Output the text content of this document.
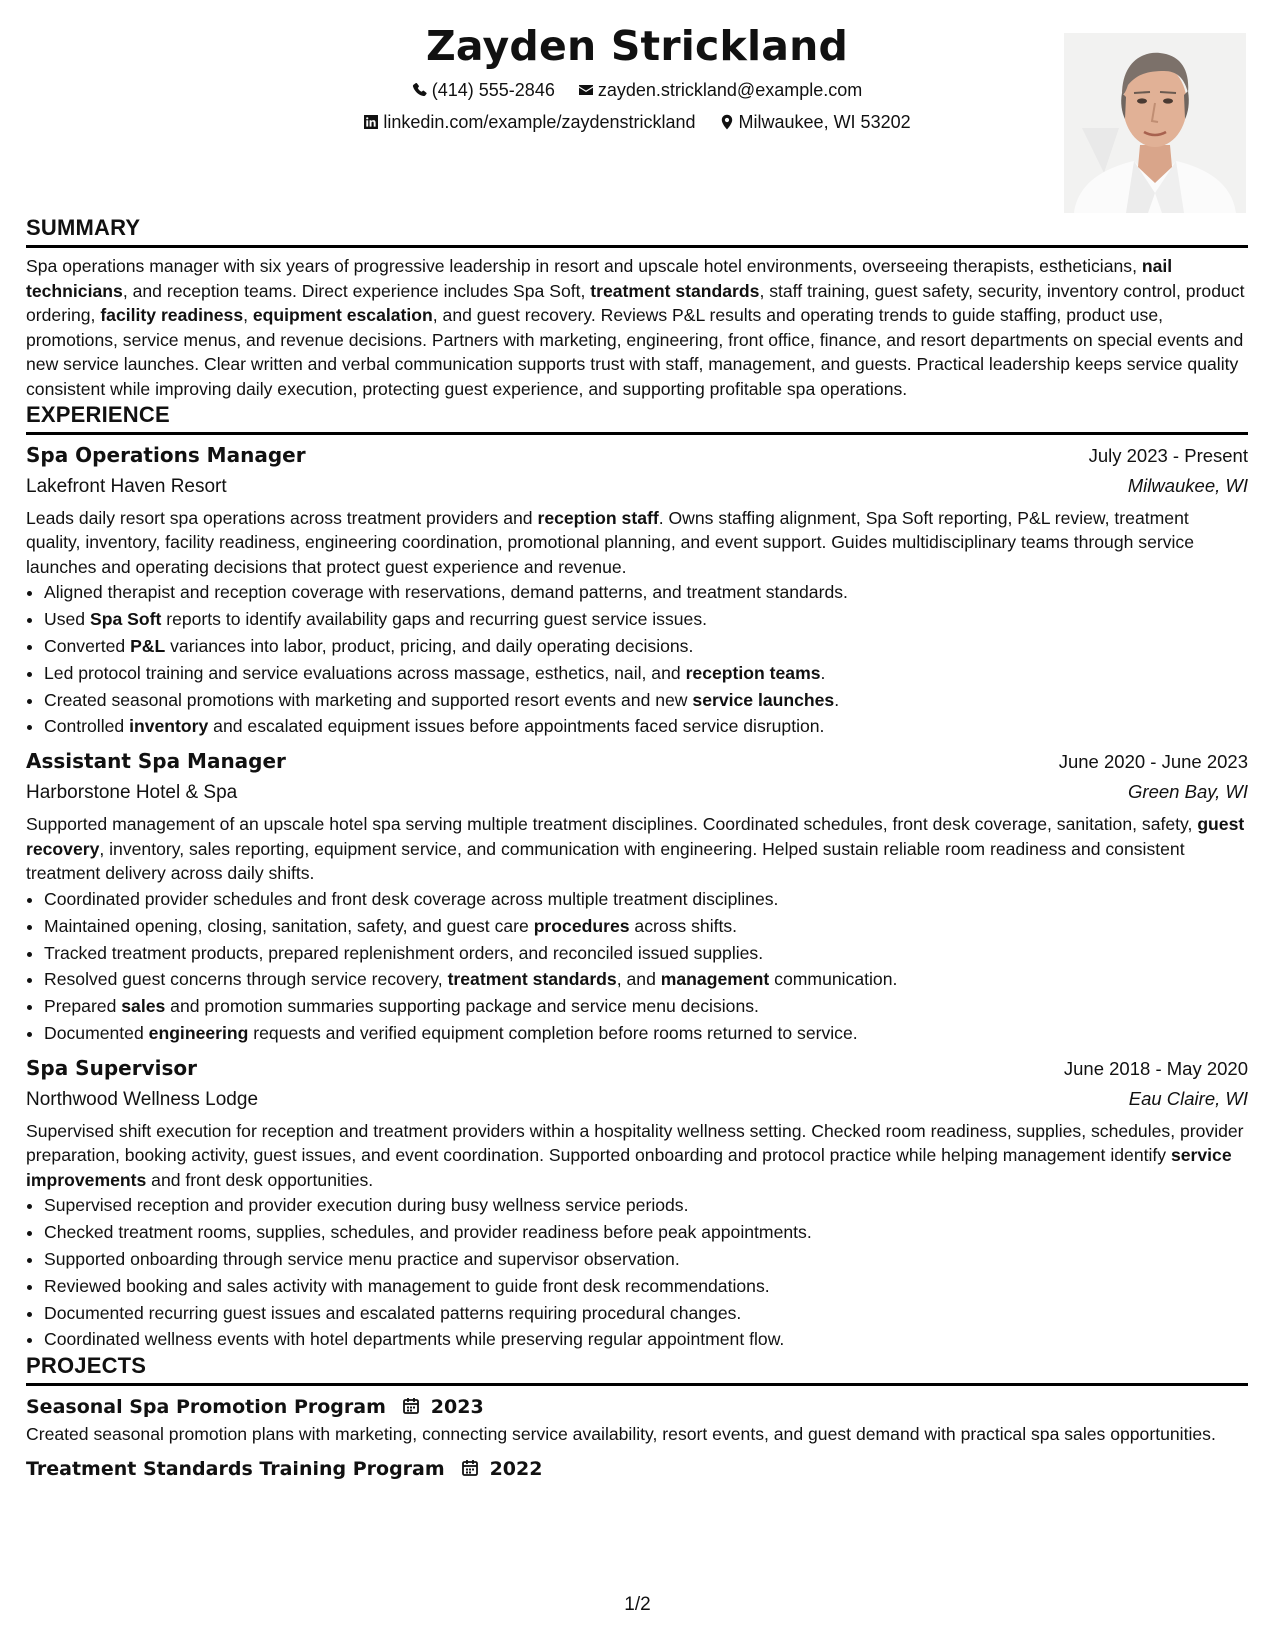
Zayden Strickland
(414) 555-2846 zayden.strickland@example.com
linkedin.com/example/zaydenstrickland Milwaukee, WI 53202
SUMMARY

Spa operations manager with six years of progressive leadership in resort and upscale hotel environments, overseeing therapists, estheticians, nail technicians, and reception teams. Direct experience includes Spa Soft, treatment standards, staff training, guest safety, security, inventory control, product ordering, facility readiness, equipment escalation, and guest recovery. Reviews P&L results and operating trends to guide staffing, product use, promotions, service menus, and revenue decisions. Partners with marketing, engineering, front office, finance, and resort departments on special events and new service launches. Clear written and verbal communication supports trust with staff, management, and guests. Practical leadership keeps service quality consistent while improving daily execution, protecting guest experience, and supporting profitable spa operations.

EXPERIENCE
Spa Operations Manager	July 2023 - Present
Lakefront Haven Resort	Milwaukee, WI

Leads daily resort spa operations across treatment providers and reception staff. Owns staffing alignment, Spa Soft reporting, P&L review, treatment quality, inventory, facility readiness, engineering coordination, promotional planning, and event support. Guides multidisciplinary teams through service launches and operating decisions that protect guest experience and revenue.

• Aligned therapist and reception coverage with reservations, demand patterns, and treatment standards.
• Used Spa Soft reports to identify availability gaps and recurring guest service issues.
• Converted P&L variances into labor, product, pricing, and daily operating decisions.
• Led protocol training and service evaluations across massage, esthetics, nail, and reception teams.
• Created seasonal promotions with marketing and supported resort events and new service launches.
• Controlled inventory and escalated equipment issues before appointments faced service disruption.
Assistant Spa Manager	June 2020 - June 2023
Harborstone Hotel & Spa	Green Bay, WI

Supported management of an upscale hotel spa serving multiple treatment disciplines. Coordinated schedules, front desk coverage, sanitation, safety, guest recovery, inventory, sales reporting, equipment service, and communication with engineering. Helped sustain reliable room readiness and consistent treatment delivery across daily shifts.

• Coordinated provider schedules and front desk coverage across multiple treatment disciplines.
• Maintained opening, closing, sanitation, safety, and guest care procedures across shifts.
• Tracked treatment products, prepared replenishment orders, and reconciled issued supplies.
• Resolved guest concerns through service recovery, treatment standards, and management communication.
• Prepared sales and promotion summaries supporting package and service menu decisions.
• Documented engineering requests and verified equipment completion before rooms returned to service.
Spa Supervisor	June 2018 - May 2020
Northwood Wellness Lodge	Eau Claire, WI

Supervised shift execution for reception and treatment providers within a hospitality wellness setting. Checked room readiness, supplies, schedules, provider preparation, booking activity, guest issues, and event coordination. Supported onboarding and protocol practice while helping management identify service improvements and front desk opportunities.

• Supervised reception and provider execution during busy wellness service periods.
• Checked treatment rooms, supplies, schedules, and provider readiness before peak appointments.
• Supported onboarding through service menu practice and supervisor observation.
• Reviewed booking and sales activity with management to guide front desk recommendations.
• Documented recurring guest issues and escalated patterns requiring procedural changes.
• Coordinated wellness events with hotel departments while preserving regular appointment flow.
PROJECTS
Seasonal Spa Promotion Program 2023

Created seasonal promotion plans with marketing, connecting service availability, resort events, and guest demand with practical spa sales opportunities.

Treatment Standards Training Program 2022
1/2
